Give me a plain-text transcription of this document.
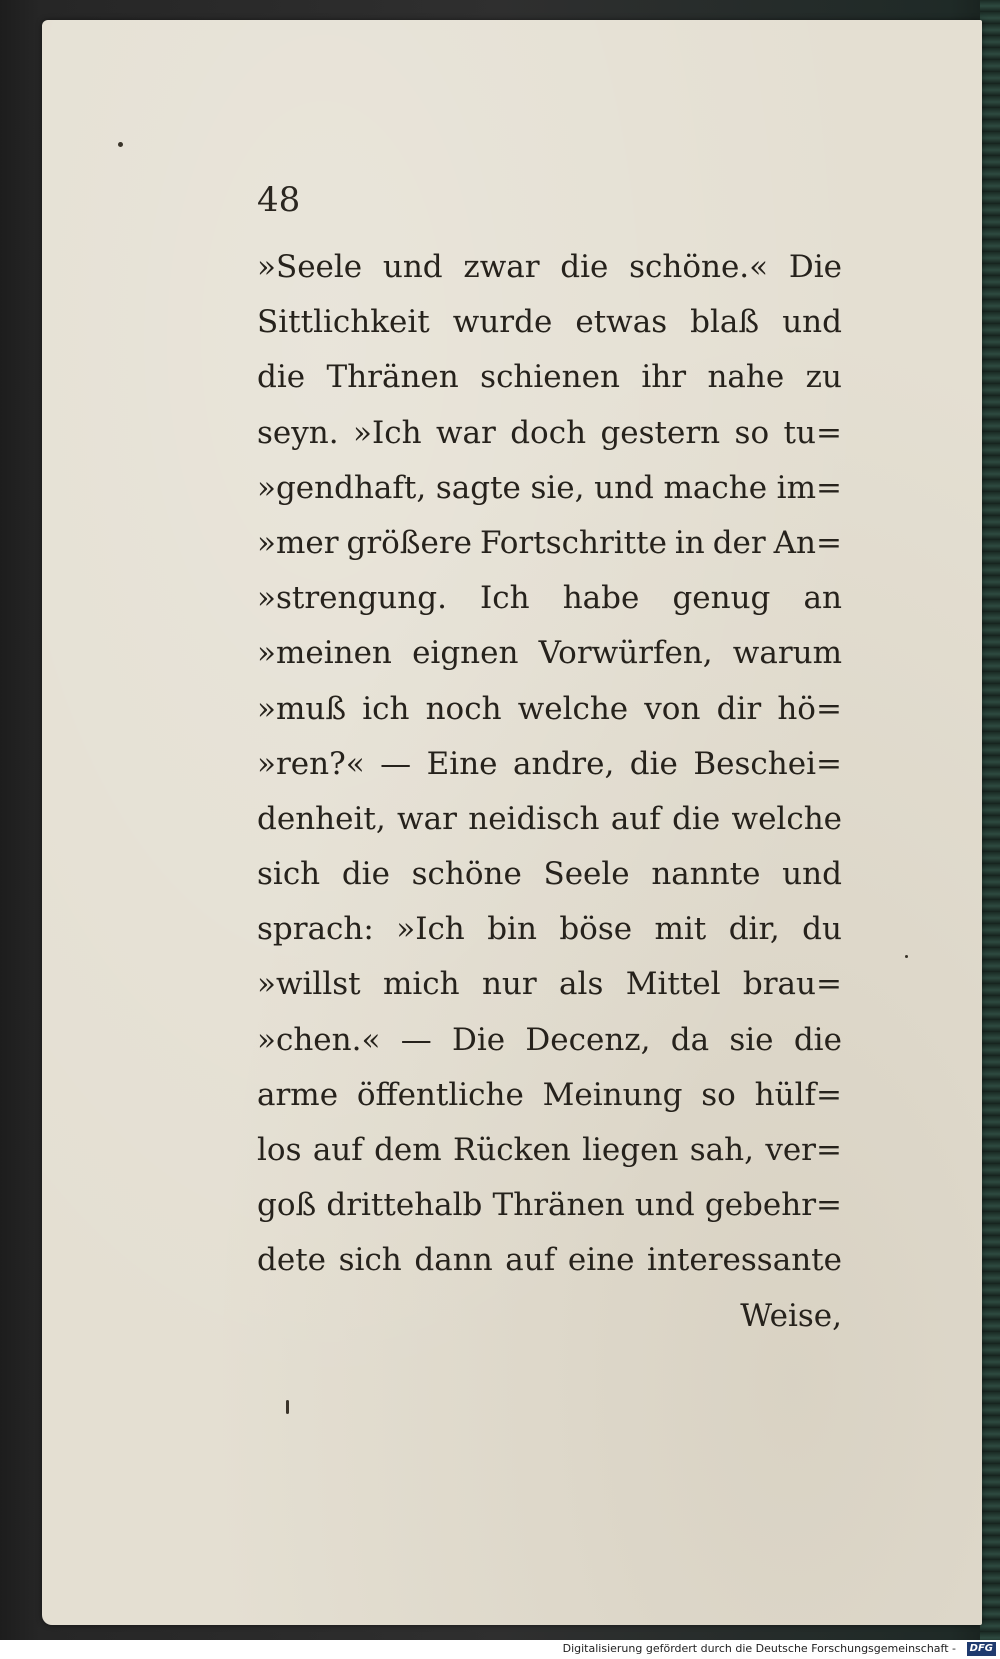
48

»Seele und zwar die schöne.« Die
Sittlichkeit wurde etwas blaß und
die Thränen schienen ihr nahe zu
seyn. »Ich war doch gestern so tu=
»gendhaft, sagte sie, und mache im=
»mer größere Fortschritte in der An=
»strengung. Ich habe genug an
»meinen eignen Vorwürfen, warum
»muß ich noch welche von dir hö=
»ren?« — Eine andre, die Beschei=
denheit, war neidisch auf die welche
sich die schöne Seele nannte und
sprach: »Ich bin böse mit dir, du
»willst mich nur als Mittel brau=
»chen.« — Die Decenz, da sie die
arme öffentliche Meinung so hülf=
los auf dem Rücken liegen sah, ver=
goß drittehalb Thränen und gebehr=
dete sich dann auf eine interessante
Weise,
Digitalisierung gefördert durch die Deutsche Forschungsgemeinschaft -	DFG
